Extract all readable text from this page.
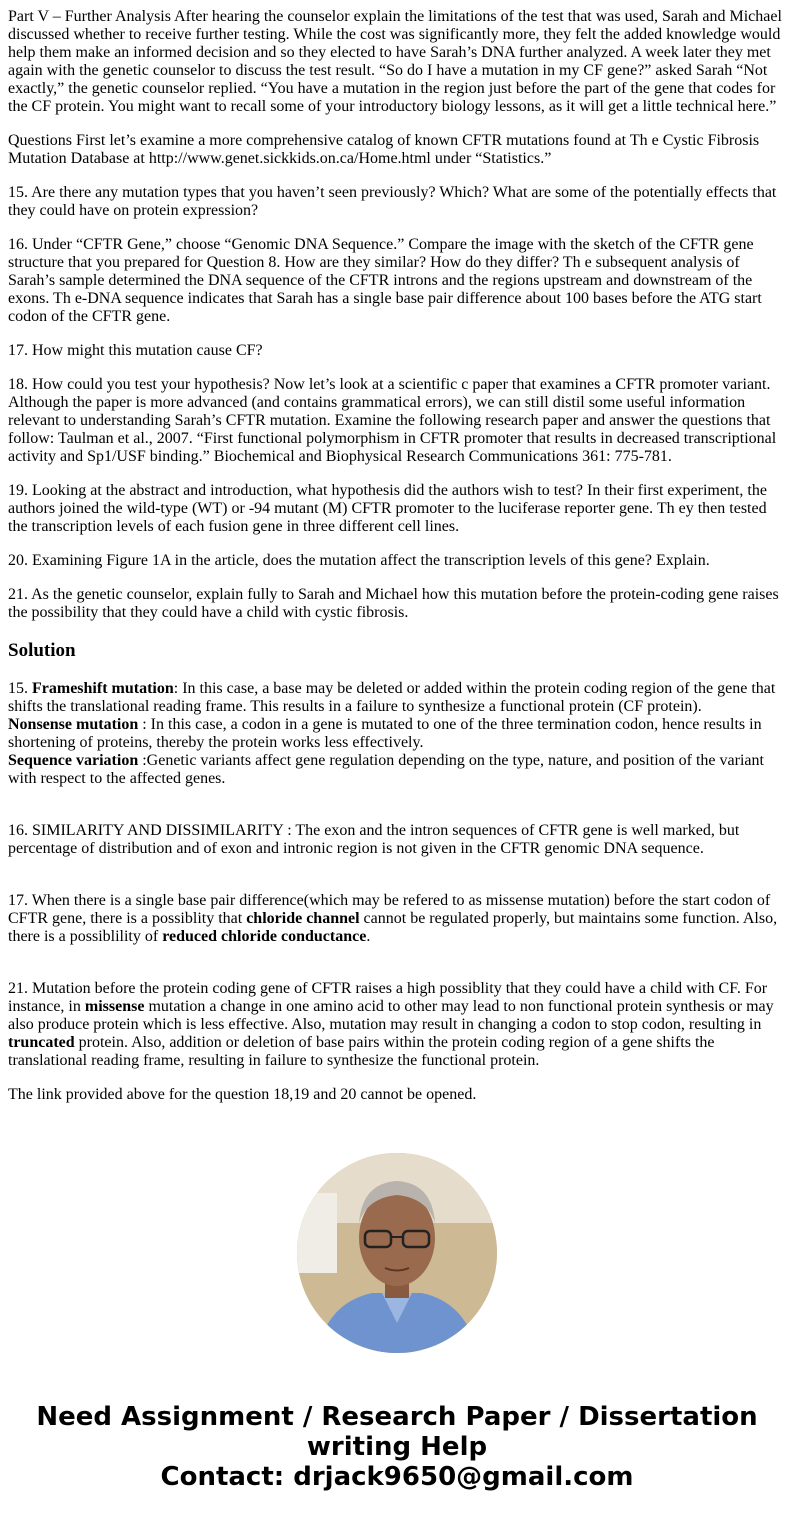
Part V – Further Analysis After hearing the counselor explain the limitations of the test that was used, Sarah and Michael discussed whether to receive further testing. While the cost was significantly more, they felt the added knowledge would help them make an informed decision and so they elected to have Sarah’s DNA further analyzed. A week later they met again with the genetic counselor to discuss the test result. “So do I have a mutation in my CF gene?” asked Sarah “Not exactly,” the genetic counselor replied. “You have a mutation in the region just before the part of the gene that codes for the CF protein. You might want to recall some of your introductory biology lessons, as it will get a little technical here.”

Questions First let’s examine a more comprehensive catalog of known CFTR mutations found at Th e Cystic Fibrosis Mutation Database at http://www.genet.sickkids.on.ca/Home.html under “Statistics.”

15. Are there any mutation types that you haven’t seen previously? Which? What are some of the potentially effects that they could have on protein expression?

16. Under “CFTR Gene,” choose “Genomic DNA Sequence.” Compare the image with the sketch of the CFTR gene structure that you prepared for Question 8. How are they similar? How do they differ? Th e subsequent analysis of Sarah’s sample determined the DNA sequence of the CFTR introns and the regions upstream and downstream of the exons. Th e-DNA sequence indicates that Sarah has a single base pair difference about 100 bases before the ATG start codon of the CFTR gene.

17. How might this mutation cause CF?

18. How could you test your hypothesis? Now let’s look at a scientific c paper that examines a CFTR promoter variant. Although the paper is more advanced (and contains grammatical errors), we can still distil some useful information relevant to understanding Sarah’s CFTR mutation. Examine the following research paper and answer the questions that follow: Taulman et al., 2007. “First functional polymorphism in CFTR promoter that results in decreased transcriptional activity and Sp1/USF binding.” Biochemical and Biophysical Research Communications 361: 775-781.

19. Looking at the abstract and introduction, what hypothesis did the authors wish to test? In their first experiment, the authors joined the wild-type (WT) or -94 mutant (M) CFTR promoter to the luciferase reporter gene. Th ey then tested the transcription levels of each fusion gene in three different cell lines.

20. Examining Figure 1A in the article, does the mutation affect the transcription levels of this gene? Explain.

21. As the genetic counselor, explain fully to Sarah and Michael how this mutation before the protein-coding gene raises the possibility that they could have a child with cystic fibrosis.

Solution

15. Frameshift mutation: In this case, a base may be deleted or added within the protein coding region of the gene that shifts the translational reading frame. This results in a failure to synthesize a functional protein (CF protein).
Nonsense mutation : In this case, a codon in a gene is mutated to one of the three termination codon, hence results in shortening of proteins, thereby the protein works less effectively.
Sequence variation :Genetic variants affect gene regulation depending on the type, nature, and position of the variant with respect to the affected genes.

16. SIMILARITY AND DISSIMILARITY : The exon and the intron sequences of CFTR gene is well marked, but percentage of distribution and of exon and intronic region is not given in the CFTR genomic DNA sequence.

17. When there is a single base pair difference(which may be refered to as missense mutation) before the start codon of CFTR gene, there is a possiblity that chloride channel cannot be regulated properly, but maintains some function. Also, there is a possiblility of reduced chloride conductance.

21. Mutation before the protein coding gene of CFTR raises a high possiblity that they could have a child with CF. For instance, in missense mutation a change in one amino acid to other may lead to non functional protein synthesis or may also produce protein which is less effective. Also, mutation may result in changing a codon to stop codon, resulting in truncated protein. Also, addition or deletion of base pairs within the protein coding region of a gene shifts the translational reading frame, resulting in failure to synthesize the functional protein.

The link provided above for the question 18,19 and 20 cannot be opened.

Need Assignment / Research Paper / Dissertation writing Help
Contact: drjack9650@gmail.com
